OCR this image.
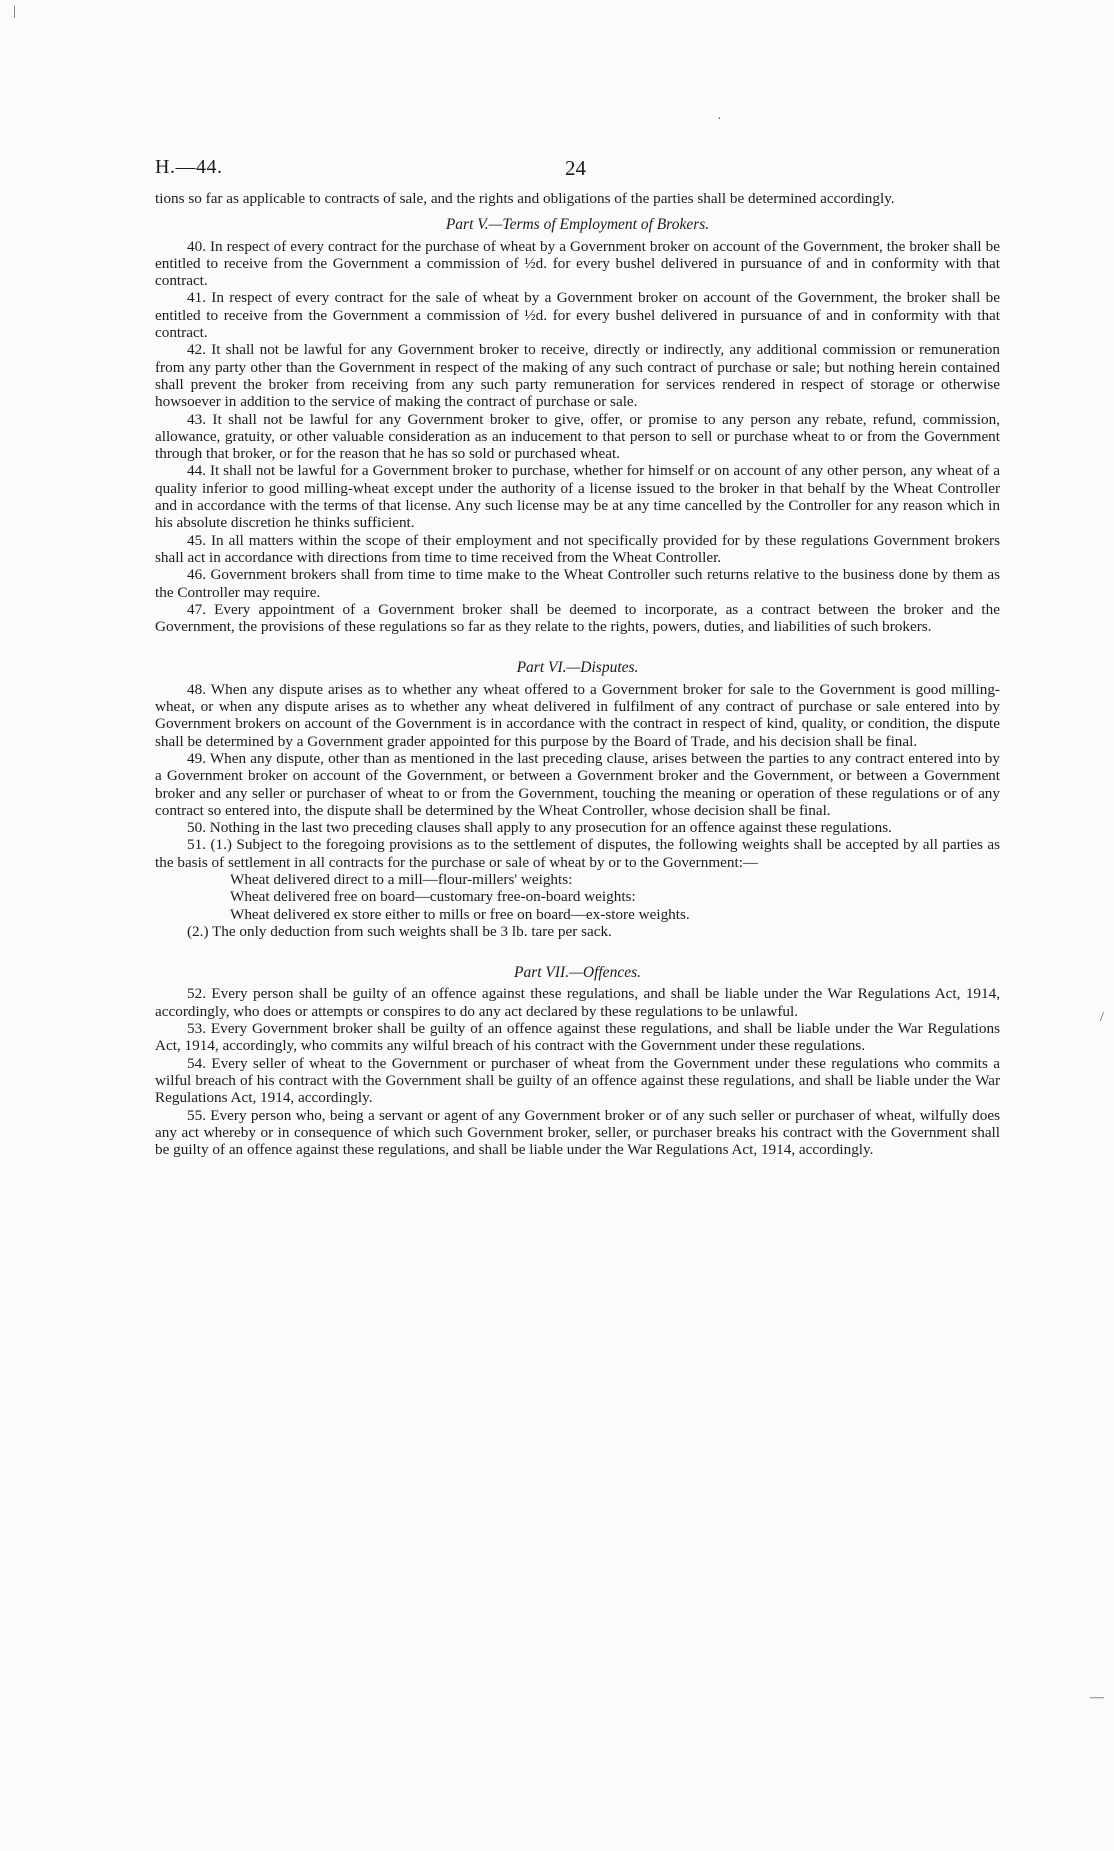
|
·
/
—
H.—44.	24

tions so far as applicable to contracts of sale, and the rights and obligations of the parties shall be determined accordingly.

Part V.—Terms of Employment of Brokers.

40. In respect of every contract for the purchase of wheat by a Government broker on account of the Government, the broker shall be entitled to receive from the Government a commission of ½d. for every bushel delivered in pursuance of and in conformity with that contract.

41. In respect of every contract for the sale of wheat by a Government broker on account of the Government, the broker shall be entitled to receive from the Government a commission of ½d. for every bushel delivered in pursuance of and in conformity with that contract.

42. It shall not be lawful for any Government broker to receive, directly or indirectly, any additional commission or remuneration from any party other than the Government in respect of the making of any such contract of purchase or sale; but nothing herein contained shall prevent the broker from receiving from any such party remuneration for services rendered in respect of storage or otherwise howsoever in addition to the service of making the contract of purchase or sale.

43. It shall not be lawful for any Government broker to give, offer, or promise to any person any rebate, refund, commission, allowance, gratuity, or other valuable consideration as an inducement to that person to sell or purchase wheat to or from the Government through that broker, or for the reason that he has so sold or purchased wheat.

44. It shall not be lawful for a Government broker to purchase, whether for himself or on account of any other person, any wheat of a quality inferior to good milling-wheat except under the authority of a license issued to the broker in that behalf by the Wheat Controller and in accordance with the terms of that license. Any such license may be at any time cancelled by the Controller for any reason which in his absolute discretion he thinks sufficient.

45. In all matters within the scope of their employment and not specifically provided for by these regulations Government brokers shall act in accordance with directions from time to time received from the Wheat Controller.

46. Government brokers shall from time to time make to the Wheat Controller such returns relative to the business done by them as the Controller may require.

47. Every appointment of a Government broker shall be deemed to incorporate, as a contract between the broker and the Government, the provisions of these regulations so far as they relate to the rights, powers, duties, and liabilities of such brokers.

Part VI.—Disputes.

48. When any dispute arises as to whether any wheat offered to a Government broker for sale to the Government is good milling-wheat, or when any dispute arises as to whether any wheat delivered in fulfilment of any contract of purchase or sale entered into by Government brokers on account of the Government is in accordance with the contract in respect of kind, quality, or condition, the dispute shall be determined by a Government grader appointed for this purpose by the Board of Trade, and his decision shall be final.

49. When any dispute, other than as mentioned in the last preceding clause, arises between the parties to any contract entered into by a Government broker on account of the Government, or between a Government broker and the Government, or between a Government broker and any seller or purchaser of wheat to or from the Government, touching the meaning or operation of these regulations or of any contract so entered into, the dispute shall be determined by the Wheat Controller, whose decision shall be final.

50. Nothing in the last two preceding clauses shall apply to any prosecution for an offence against these regulations.

51. (1.) Subject to the foregoing provisions as to the settlement of disputes, the following weights shall be accepted by all parties as the basis of settlement in all contracts for the purchase or sale of wheat by or to the Government:—

Wheat delivered direct to a mill—flour-millers' weights:
Wheat delivered free on board—customary free-on-board weights:
Wheat delivered ex store either to mills or free on board—ex-store weights.

(2.) The only deduction from such weights shall be 3 lb. tare per sack.

Part VII.—Offences.

52. Every person shall be guilty of an offence against these regulations, and shall be liable under the War Regulations Act, 1914, accordingly, who does or attempts or conspires to do any act declared by these regulations to be unlawful.

53. Every Government broker shall be guilty of an offence against these regulations, and shall be liable under the War Regulations Act, 1914, accordingly, who commits any wilful breach of his contract with the Government under these regulations.

54. Every seller of wheat to the Government or purchaser of wheat from the Government under these regulations who commits a wilful breach of his contract with the Government shall be guilty of an offence against these regulations, and shall be liable under the War Regulations Act, 1914, accordingly.

55. Every person who, being a servant or agent of any Government broker or of any such seller or purchaser of wheat, wilfully does any act whereby or in consequence of which such Government broker, seller, or purchaser breaks his contract with the Government shall be guilty of an offence against these regulations, and shall be liable under the War Regulations Act, 1914, accordingly.
